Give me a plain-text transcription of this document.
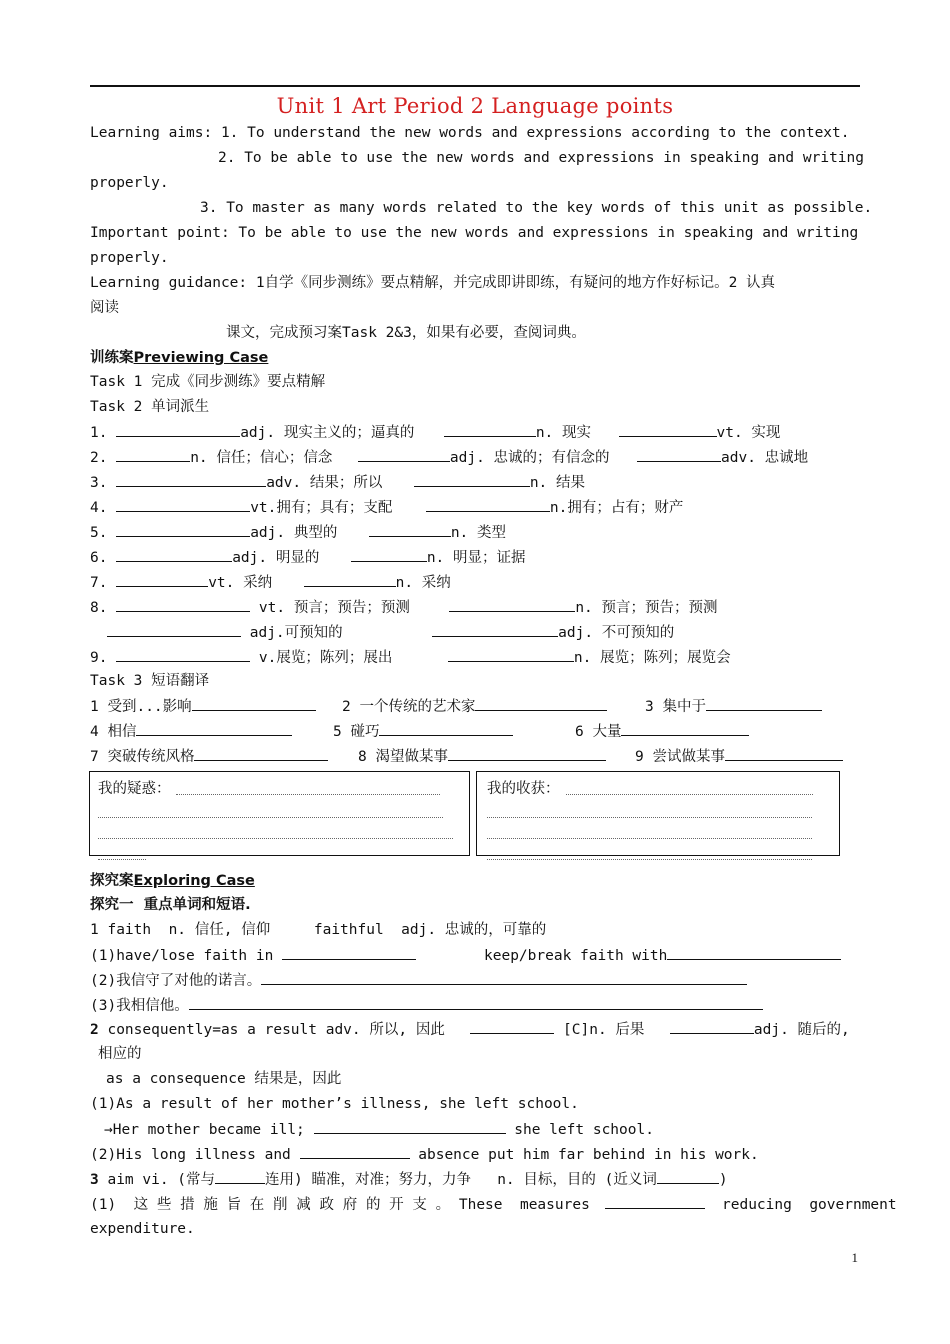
Unit 1 Art Period 2 Language points
Learning aims: 1. To understand the new words and expressions according to the context.
2. To be able to use the new words and expressions in speaking and writing
properly.
3. To master as many words related to the key words of this unit as possible.
Important point: To be able to use the new words and expressions in speaking and writing
properly.
Learning guidance: 1自学《同步测练》要点精解，并完成即讲即练，有疑问的地方作好标记。2 认真
阅读
课文，完成预习案Task 2&3，如果有必要，查阅词典。
训练案Previewing Case
Task 1 完成《同步测练》要点精解
Task 2 单词派生
1.	adj. 现实主义的；逼真的	n. 现实	vt. 实现
2.	n. 信任；信心；信念	adj. 忠诚的；有信念的	adv. 忠诚地
3.	adv. 结果；所以	n. 结果
4.	vt.拥有；具有；支配	n.拥有；占有；财产
5.	adj. 典型的	n. 类型
6.	adj. 明显的	n. 明显；证据
7.	vt. 采纳	n. 采纳
8.	vt. 预言；预告；预测	n. 预言；预告；预测
adj.可预知的	adj. 不可预知的
9.	v.展览；陈列；展出	n. 展览；陈列；展览会
Task 3 短语翻译
1 受到...影响	2 一个传统的艺术家	3 集中于
4 相信	5 碰巧	6 大量
7 突破传统风格	8 渴望做某事	9 尝试做某事
我的疑惑：	我的收获：
探究案Exploring Case
探究一  重点单词和短语.
1 faith  n. 信任, 信仰     faithful  adj. 忠诚的，可靠的
(1)have/lose faith in	keep/break faith with
(2)我信守了对他的诺言。
(3)我相信他。
2 consequently=as a result adv. 所以, 因此	[C]n. 后果	adj. 随后的,
相应的
as a consequence 结果是，因此
(1)As a result of her mother’s illness, she left school.
→Her mother became ill;	she left school.
(2)His long illness and	absence put him far behind in his work.
3 aim vi. (常与	连用) 瞄准，对准；努力，力争   n. 目标，目的 (近义词	)
(1)  这 些 措 施 旨 在 削 减 政 府 的 开 支 。 These  measures	reducing  government
expenditure.
1
